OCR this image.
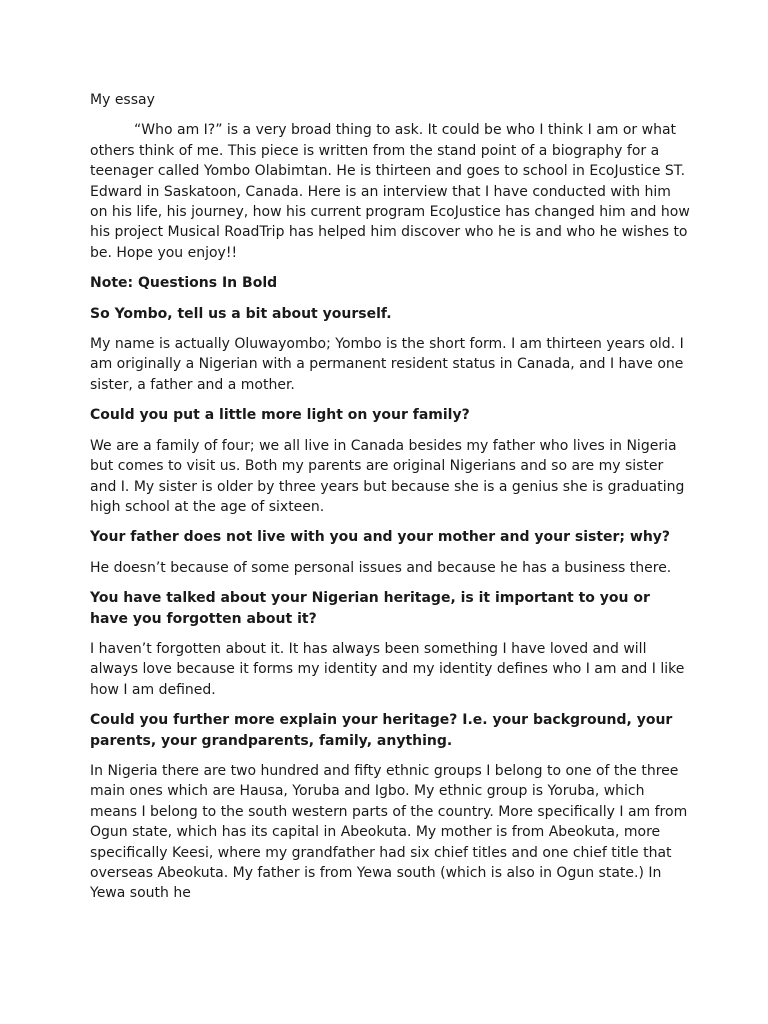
My essay

“Who am I?” is a very broad thing to ask. It could be who I think I am or what others think of me. This piece is written from the stand point of a biography for a teenager called Yombo Olabimtan. He is thirteen and goes to school in EcoJustice ST. Edward in Saskatoon, Canada. Here is an interview that I have conducted with him on his life, his journey, how his current program EcoJustice has changed him and how his project Musical RoadTrip has helped him discover who he is and who he wishes to be. Hope you enjoy!!

Note: Questions In Bold

So Yombo, tell us a bit about yourself.

My name is actually Oluwayombo; Yombo is the short form. I am thirteen years old. I am originally a Nigerian with a permanent resident status in Canada, and I have one sister, a father and a mother.

Could you put a little more light on your family?

We are a family of four; we all live in Canada besides my father who lives in Nigeria but comes to visit us. Both my parents are original Nigerians and so are my sister and I. My sister is older by three years but because she is a genius she is graduating high school at the age of sixteen.

Your father does not live with you and your mother and your sister; why?

He doesn’t because of some personal issues and because he has a business there.

You have talked about your Nigerian heritage, is it important to you or have you forgotten about it?

I haven’t forgotten about it. It has always been something I have loved and will always love because it forms my identity and my identity defines who I am and I like how I am defined.

Could you further more explain your heritage? I.e. your background, your parents, your grandparents, family, anything.

In Nigeria there are two hundred and fifty ethnic groups I belong to one of the three main ones which are Hausa, Yoruba and Igbo. My ethnic group is Yoruba, which means I belong to the south western parts of the country. More specifically I am from Ogun state, which has its capital in Abeokuta. My mother is from Abeokuta, more specifically Keesi, where my grandfather had six chief titles and one chief title that overseas Abeokuta. My father is from Yewa south (which is also in Ogun state.) In Yewa south he
